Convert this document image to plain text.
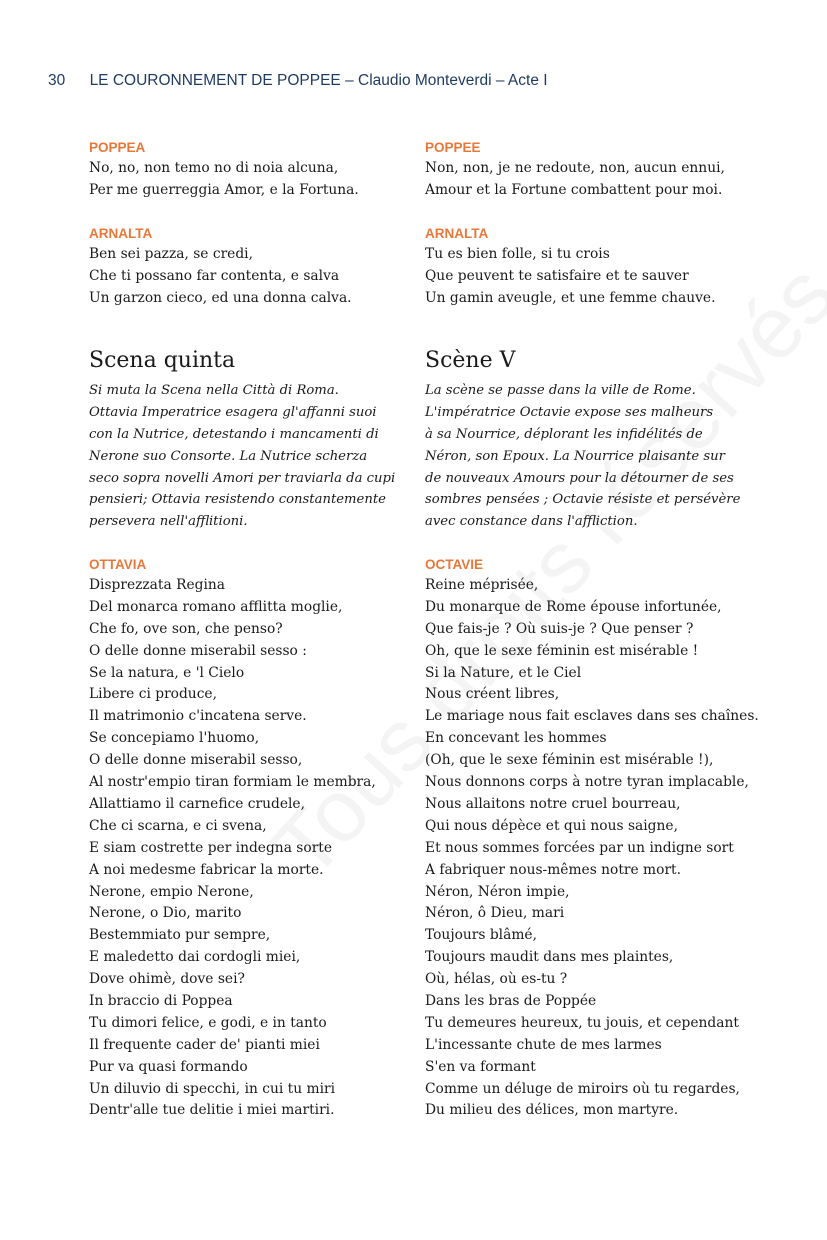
30 LE COURONNEMENT DE POPPEE – Claudio Monteverdi – Acte I
POPPEA
No, no, non temo no di noia alcuna,
Per me guerreggia Amor, e la Fortuna.
ARNALTA
Ben sei pazza, se credi,
Che ti possano far contenta, e salva
Un garzon cieco, ed una donna calva.
Scena quinta
Si muta la Scena nella Città di Roma.
Ottavia Imperatrice esagera gl'affanni suoi
con la Nutrice, detestando i mancamenti di
Nerone suo Consorte. La Nutrice scherza
seco sopra novelli Amori per traviarla da cupi
pensieri; Ottavia resistendo constantemente
persevera nell'afflitioni.
OTTAVIA
Disprezzata Regina
Del monarca romano afflitta moglie,
Che fo, ove son, che penso?
O delle donne miserabil sesso :
Se la natura, e 'l Cielo
Libere ci produce,
Il matrimonio c'incatena serve.
Se concepiamo l'huomo,
O delle donne miserabil sesso,
Al nostr'empio tiran formiam le membra,
Allattiamo il carnefice crudele,
Che ci scarna, e ci svena,
E siam costrette per indegna sorte
A noi medesme fabricar la morte.
Nerone, empio Nerone,
Nerone, o Dio, marito
Bestemmiato pur sempre,
E maledetto dai cordogli miei,
Dove ohimè, dove sei?
In braccio di Poppea
Tu dimori felice, e godi, e in tanto
Il frequente cader de' pianti miei
Pur va quasi formando
Un diluvio di specchi, in cui tu miri
Dentr'alle tue delitie i miei martiri.
POPPEE
Non, non, je ne redoute, non, aucun ennui,
Amour et la Fortune combattent pour moi.
ARNALTA
Tu es bien folle, si tu crois
Que peuvent te satisfaire et te sauver
Un gamin aveugle, et une femme chauve.
Scène V
La scène se passe dans la ville de Rome.
L'impératrice Octavie expose ses malheurs
à sa Nourrice, déplorant les infidélités de
Néron, son Epoux. La Nourrice plaisante sur
de nouveaux Amours pour la détourner de ses
sombres pensées ; Octavie résiste et persévère
avec constance dans l'affliction.
OCTAVIE
Reine méprisée,
Du monarque de Rome épouse infortunée,
Que fais-je ? Où suis-je ? Que penser ?
Oh, que le sexe féminin est misérable !
Si la Nature, et le Ciel
Nous créent libres,
Le mariage nous fait esclaves dans ses chaînes.
En concevant les hommes
(Oh, que le sexe féminin est misérable !),
Nous donnons corps à notre tyran implacable,
Nous allaitons notre cruel bourreau,
Qui nous dépèce et qui nous saigne,
Et nous sommes forcées par un indigne sort
A fabriquer nous-mêmes notre mort.
Néron, Néron impie,
Néron, ô Dieu, mari
Toujours blâmé,
Toujours maudit dans mes plaintes,
Où, hélas, où es-tu ?
Dans les bras de Poppée
Tu demeures heureux, tu jouis, et cependant
L'incessante chute de mes larmes
S'en va formant
Comme un déluge de miroirs où tu regardes,
Du milieu des délices, mon martyre.
